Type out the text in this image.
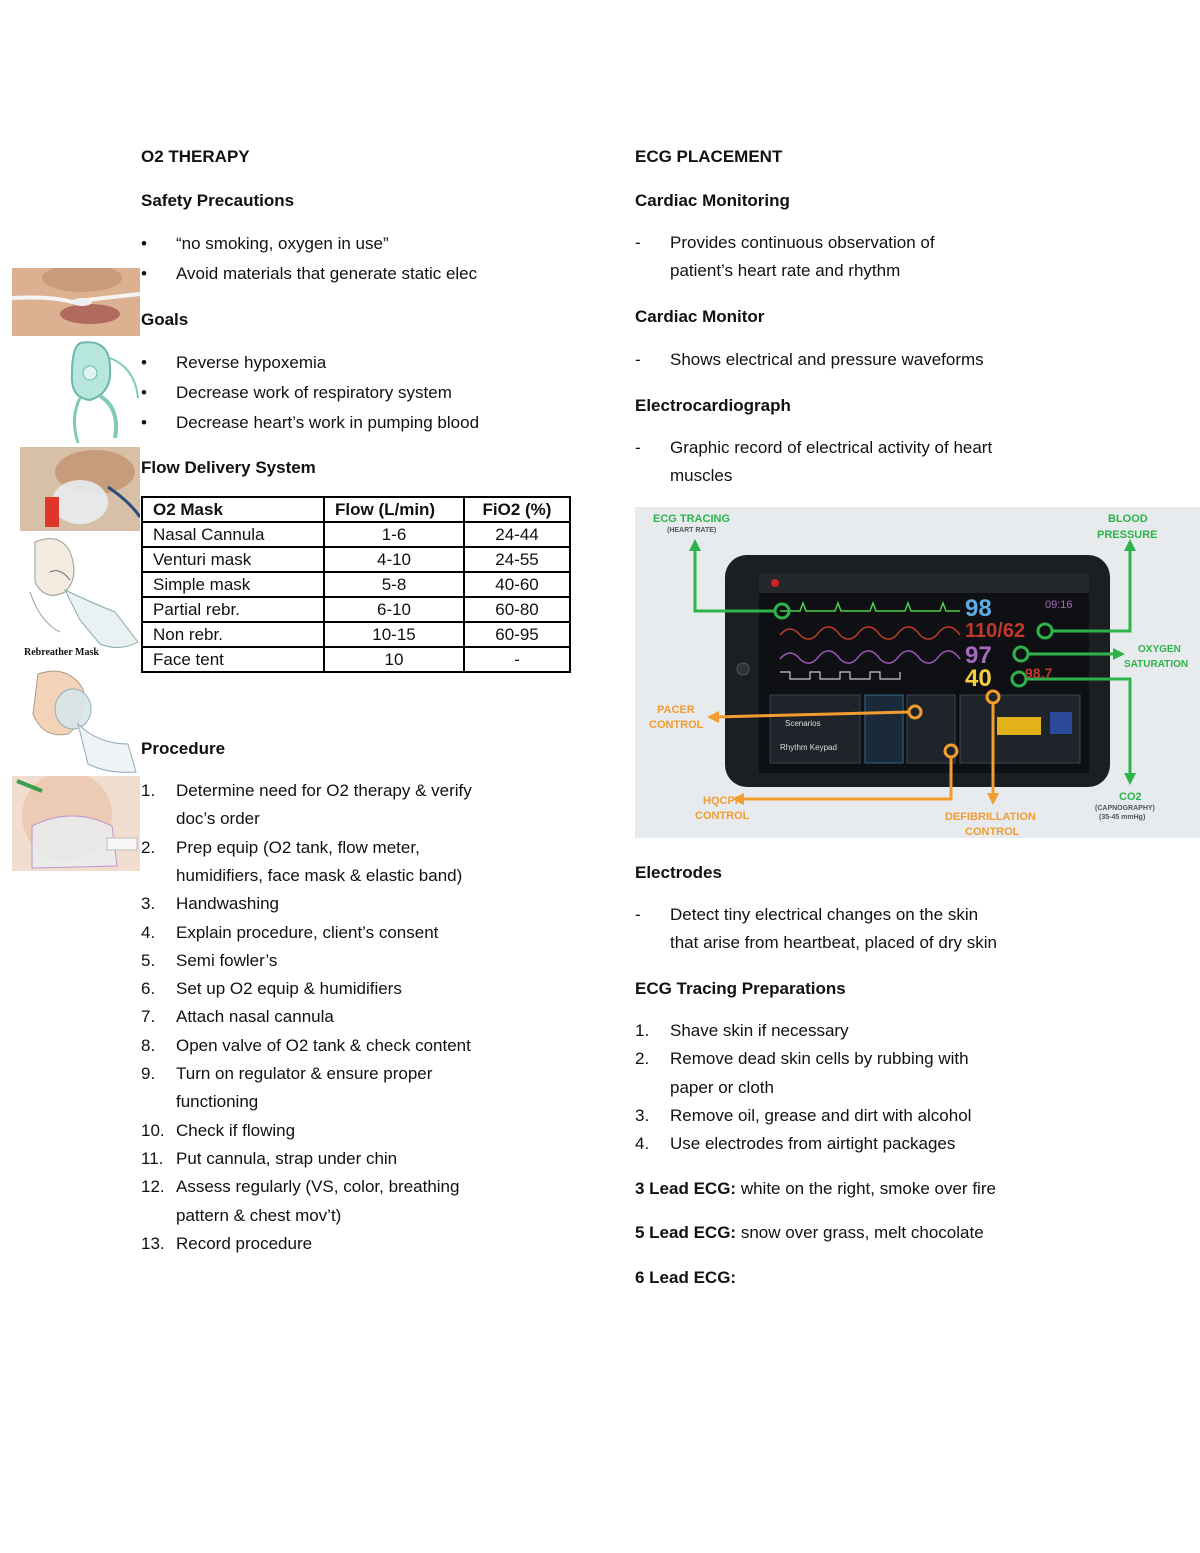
O2 THERAPY
Safety Precautions
• “no smoking, oxygen in use”
• Avoid materials that generate static elec
Goals
• Reverse hypoxemia
• Decrease work of respiratory system
• Decrease heart’s work in pumping blood
Flow Delivery System
O2 Mask	Flow (L/min)	FiO2 (%)
Nasal Cannula	1-6	24-44
Venturi mask	4-10	24-55
Simple mask	5-8	40-60
Partial rebr.	6-10	60-80
Non rebr.	10-15	60-95
Face tent	10	-
Procedure
1. Determine need for O2 therapy & verify
doc’s order
2. Prep equip (O2 tank, flow meter,
humidifiers, face mask & elastic band)
3. Handwashing
4. Explain procedure, client’s consent
5. Semi fowler’s
6. Set up O2 equip & humidifiers
7. Attach nasal cannula
8. Open valve of O2 tank & check content
9. Turn on regulator & ensure proper
functioning
10. Check if flowing
11. Put cannula, strap under chin
12. Assess regularly (VS, color, breathing
pattern & chest mov’t)
13. Record procedure
Rebreather Mask
ECG PLACEMENT
Cardiac Monitoring
- Provides continuous observation of
patient’s heart rate and rhythm
Cardiac Monitor
- Shows electrical and pressure waveforms
Electrocardiograph
- Graphic record of electrical activity of heart
muscles
98
110/62
97
40 98.7
09:16
Scenarios
Rhythm Keypad
ECG TRACING
(HEART RATE)
BLOOD
PRESSURE
OXYGEN
SATURATION
PACER
CONTROL
HQCPR
CONTROL	DEFIBRILLATION
CONTROL
CO2
(CAPNOGRAPHY)
(35-45 mmHg)
Electrodes
- Detect tiny electrical changes on the skin
that arise from heartbeat, placed of dry skin
ECG Tracing Preparations
1. Shave skin if necessary
2. Remove dead skin cells by rubbing with
paper or cloth
3. Remove oil, grease and dirt with alcohol
4. Use electrodes from airtight packages
3 Lead ECG: white on the right, smoke over fire
5 Lead ECG: snow over grass, melt chocolate
6 Lead ECG:
